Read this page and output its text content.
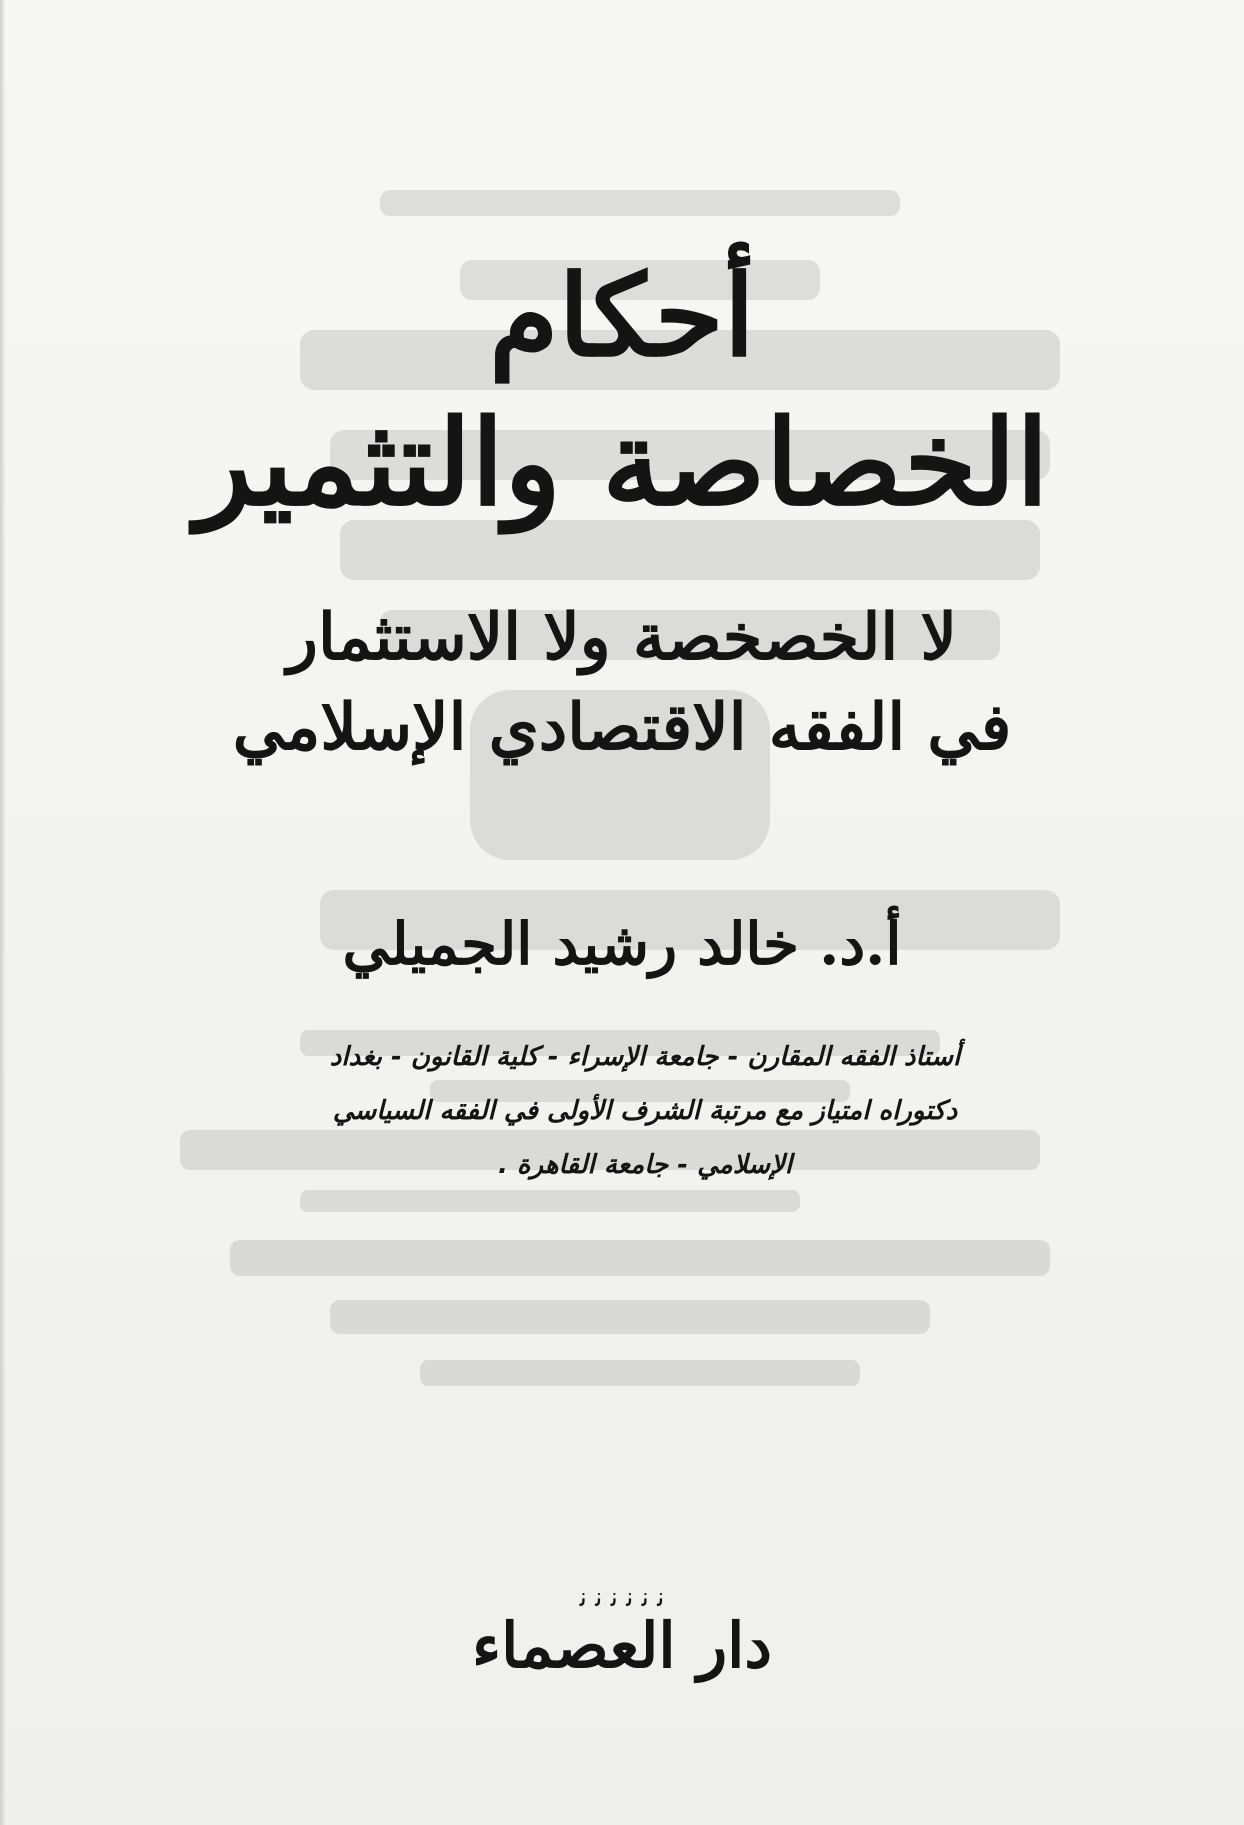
أحكام
الخصاصة والتثمير
لا الخصخصة ولا الاستثمار
في الفقه الاقتصادي الإسلامي
أ.د. خالد رشيد الجميلي
أستاذ الفقه المقارن - جامعة الإسراء - كلية القانون - بغداد
دكتوراه امتياز مع مرتبة الشرف الأولى في الفقه السياسي
الإسلامي - جامعة القاهرة .
ﻧ ﻧ ﻧ ﻧ ﻧ ﻧ
دار العصماء
